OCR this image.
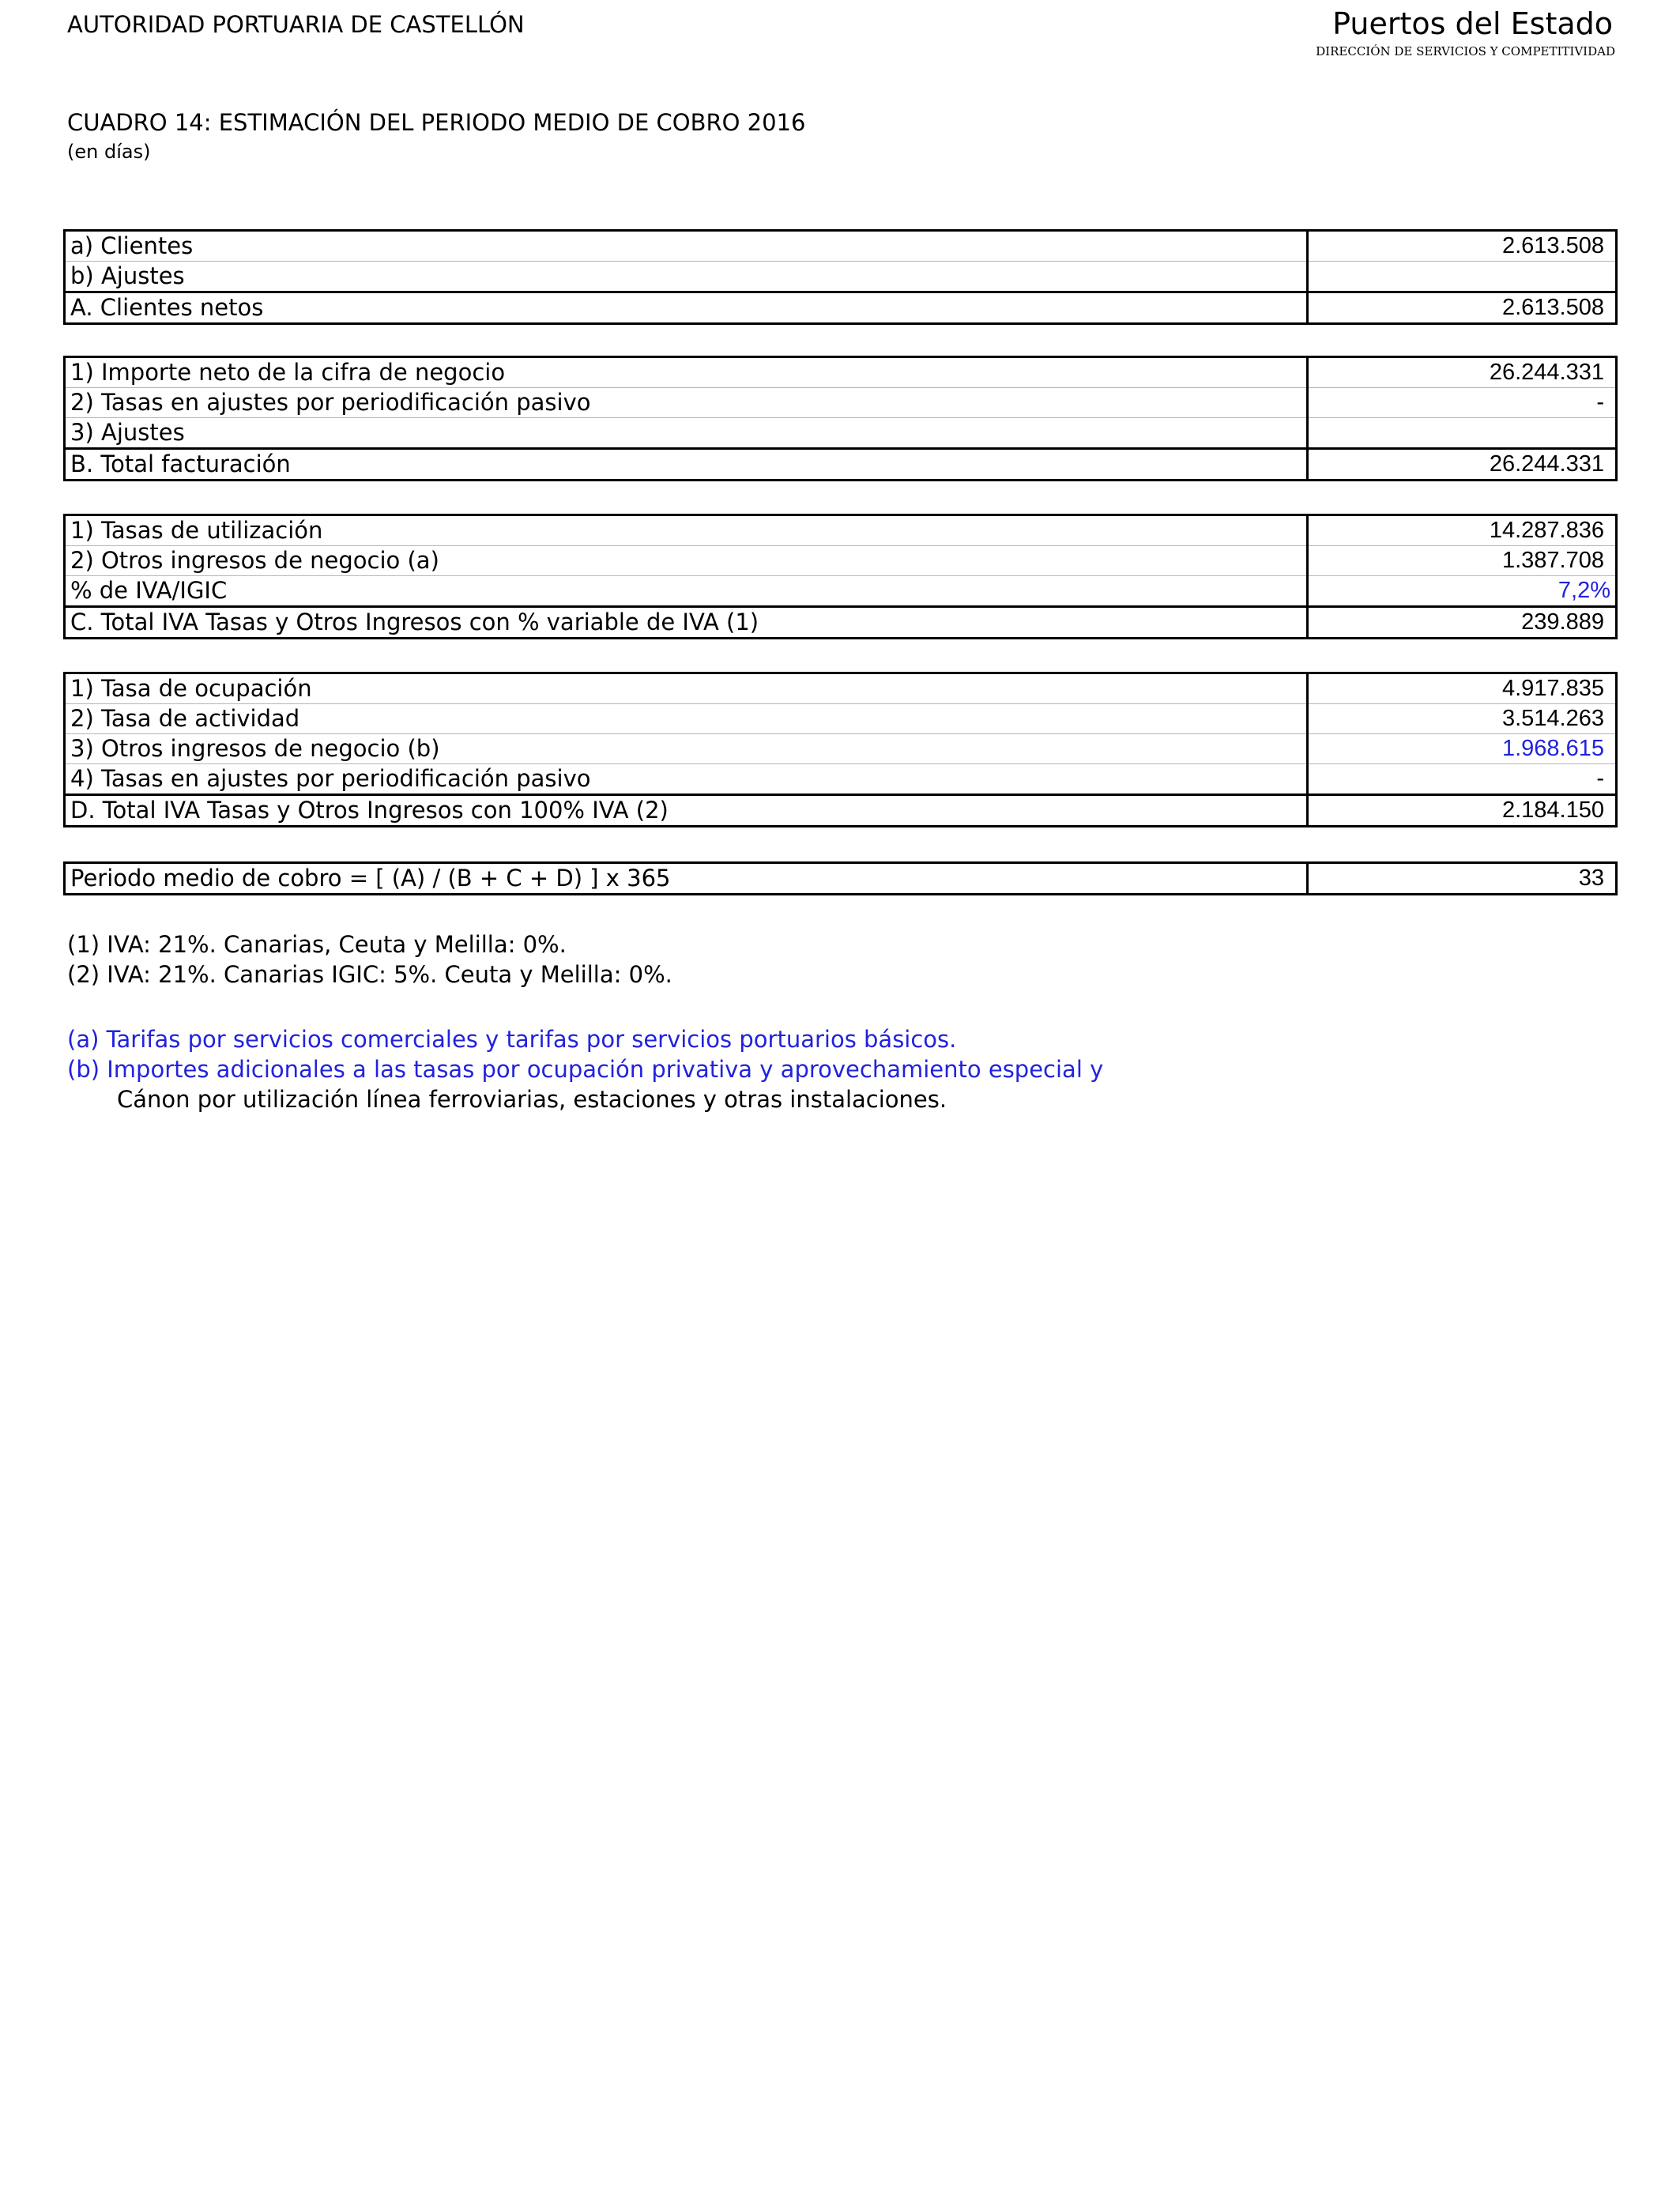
AUTORIDAD PORTUARIA DE CASTELLÓN	Puertos del Estado
DIRECCIÓN DE SERVICIOS Y COMPETITIVIDAD
CUADRO 14: ESTIMACIÓN DEL PERIODO MEDIO DE COBRO 2016
(en días)
a) Clientes	2.613.508
b) Ajustes	
A. Clientes netos	2.613.508
1) Importe neto de la cifra de negocio	26.244.331
2) Tasas en ajustes por periodificación pasivo	-
3) Ajustes	
B. Total facturación	26.244.331
1) Tasas de utilización	14.287.836
2) Otros ingresos de negocio (a)	1.387.708
% de IVA/IGIC	7,2%
C. Total IVA Tasas y Otros Ingresos con % variable de IVA (1)	239.889
1) Tasa de ocupación	4.917.835
2) Tasa de actividad	3.514.263
3) Otros ingresos de negocio (b)	1.968.615
4) Tasas en ajustes por periodificación pasivo	-
D. Total IVA Tasas y Otros Ingresos con 100% IVA (2)	2.184.150
Periodo medio de cobro = [ (A) / (B + C + D) ] x 365	33
(1) IVA: 21%. Canarias, Ceuta y Melilla: 0%.
(2) IVA: 21%. Canarias IGIC: 5%. Ceuta y Melilla: 0%.
(a) Tarifas por servicios comerciales y tarifas por servicios portuarios básicos.
(b) Importes adicionales a las tasas por ocupación privativa y aprovechamiento especial y
Cánon por utilización línea ferroviarias, estaciones y otras instalaciones.
